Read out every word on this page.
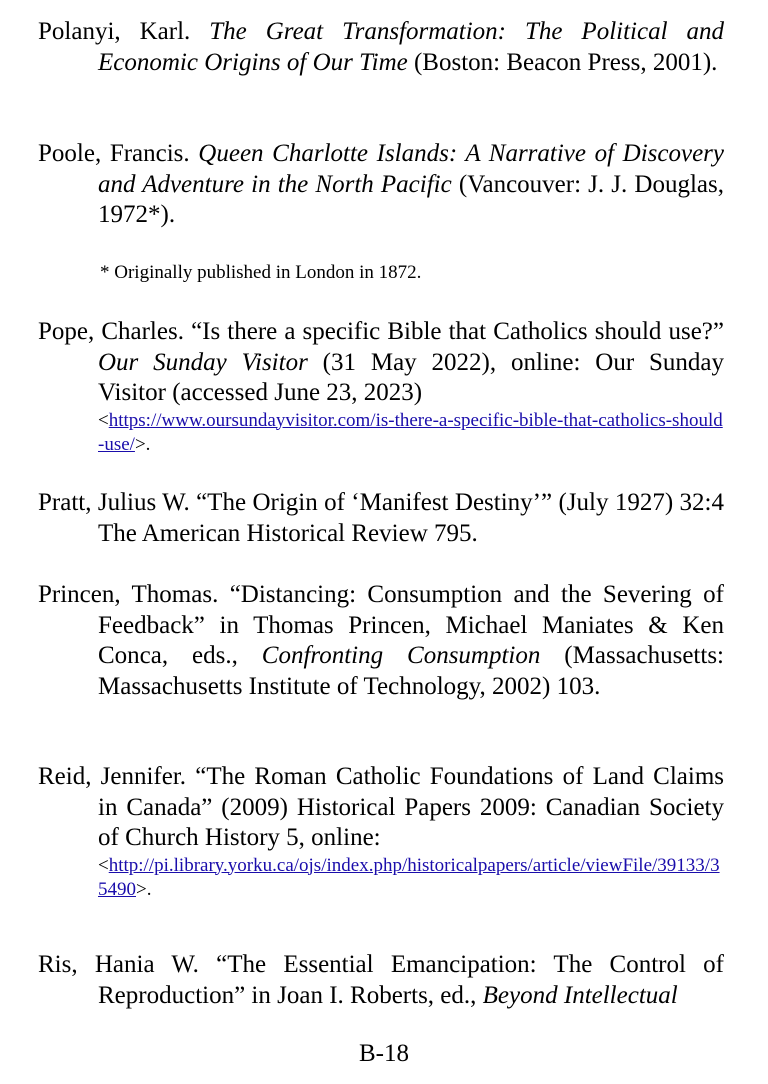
Polanyi, Karl. The Great Transformation: The Political and Economic Origins of Our Time (Boston: Beacon Press, 2001).

Poole, Francis. Queen Charlotte Islands: A Narrative of Discovery and Adventure in the North Pacific (Vancouver: J. J. Douglas, 1972*).

* Originally published in London in 1872.

Pope, Charles. “Is there a specific Bible that Catholics should use?” Our Sunday Visitor (31 May 2022), online: Our Sunday Visitor (accessed June 23, 2023)
<https://www.oursundayvisitor.com/is-there-a-specific-bible-that-catholics-should-use/>.

Pratt, Julius W. “The Origin of ‘Manifest Destiny’” (July 1927) 32:4 The American Historical Review 795.

Princen, Thomas. “Distancing: Consumption and the Severing of Feedback” in Thomas Princen, Michael Maniates & Ken Conca, eds., Confronting Consumption (Massachusetts: Massachusetts Institute of Technology, 2002) 103.

Reid, Jennifer. “The Roman Catholic Foundations of Land Claims in Canada” (2009) Historical Papers 2009: Canadian Society of Church History 5, online:
<http://pi.library.yorku.ca/ojs/index.php/historicalpapers/article/viewFile/39133/35490>.

Ris, Hania W. “The Essential Emancipation: The Control of Reproduction” in Joan I. Roberts, ed., Beyond Intellectual

B-18
